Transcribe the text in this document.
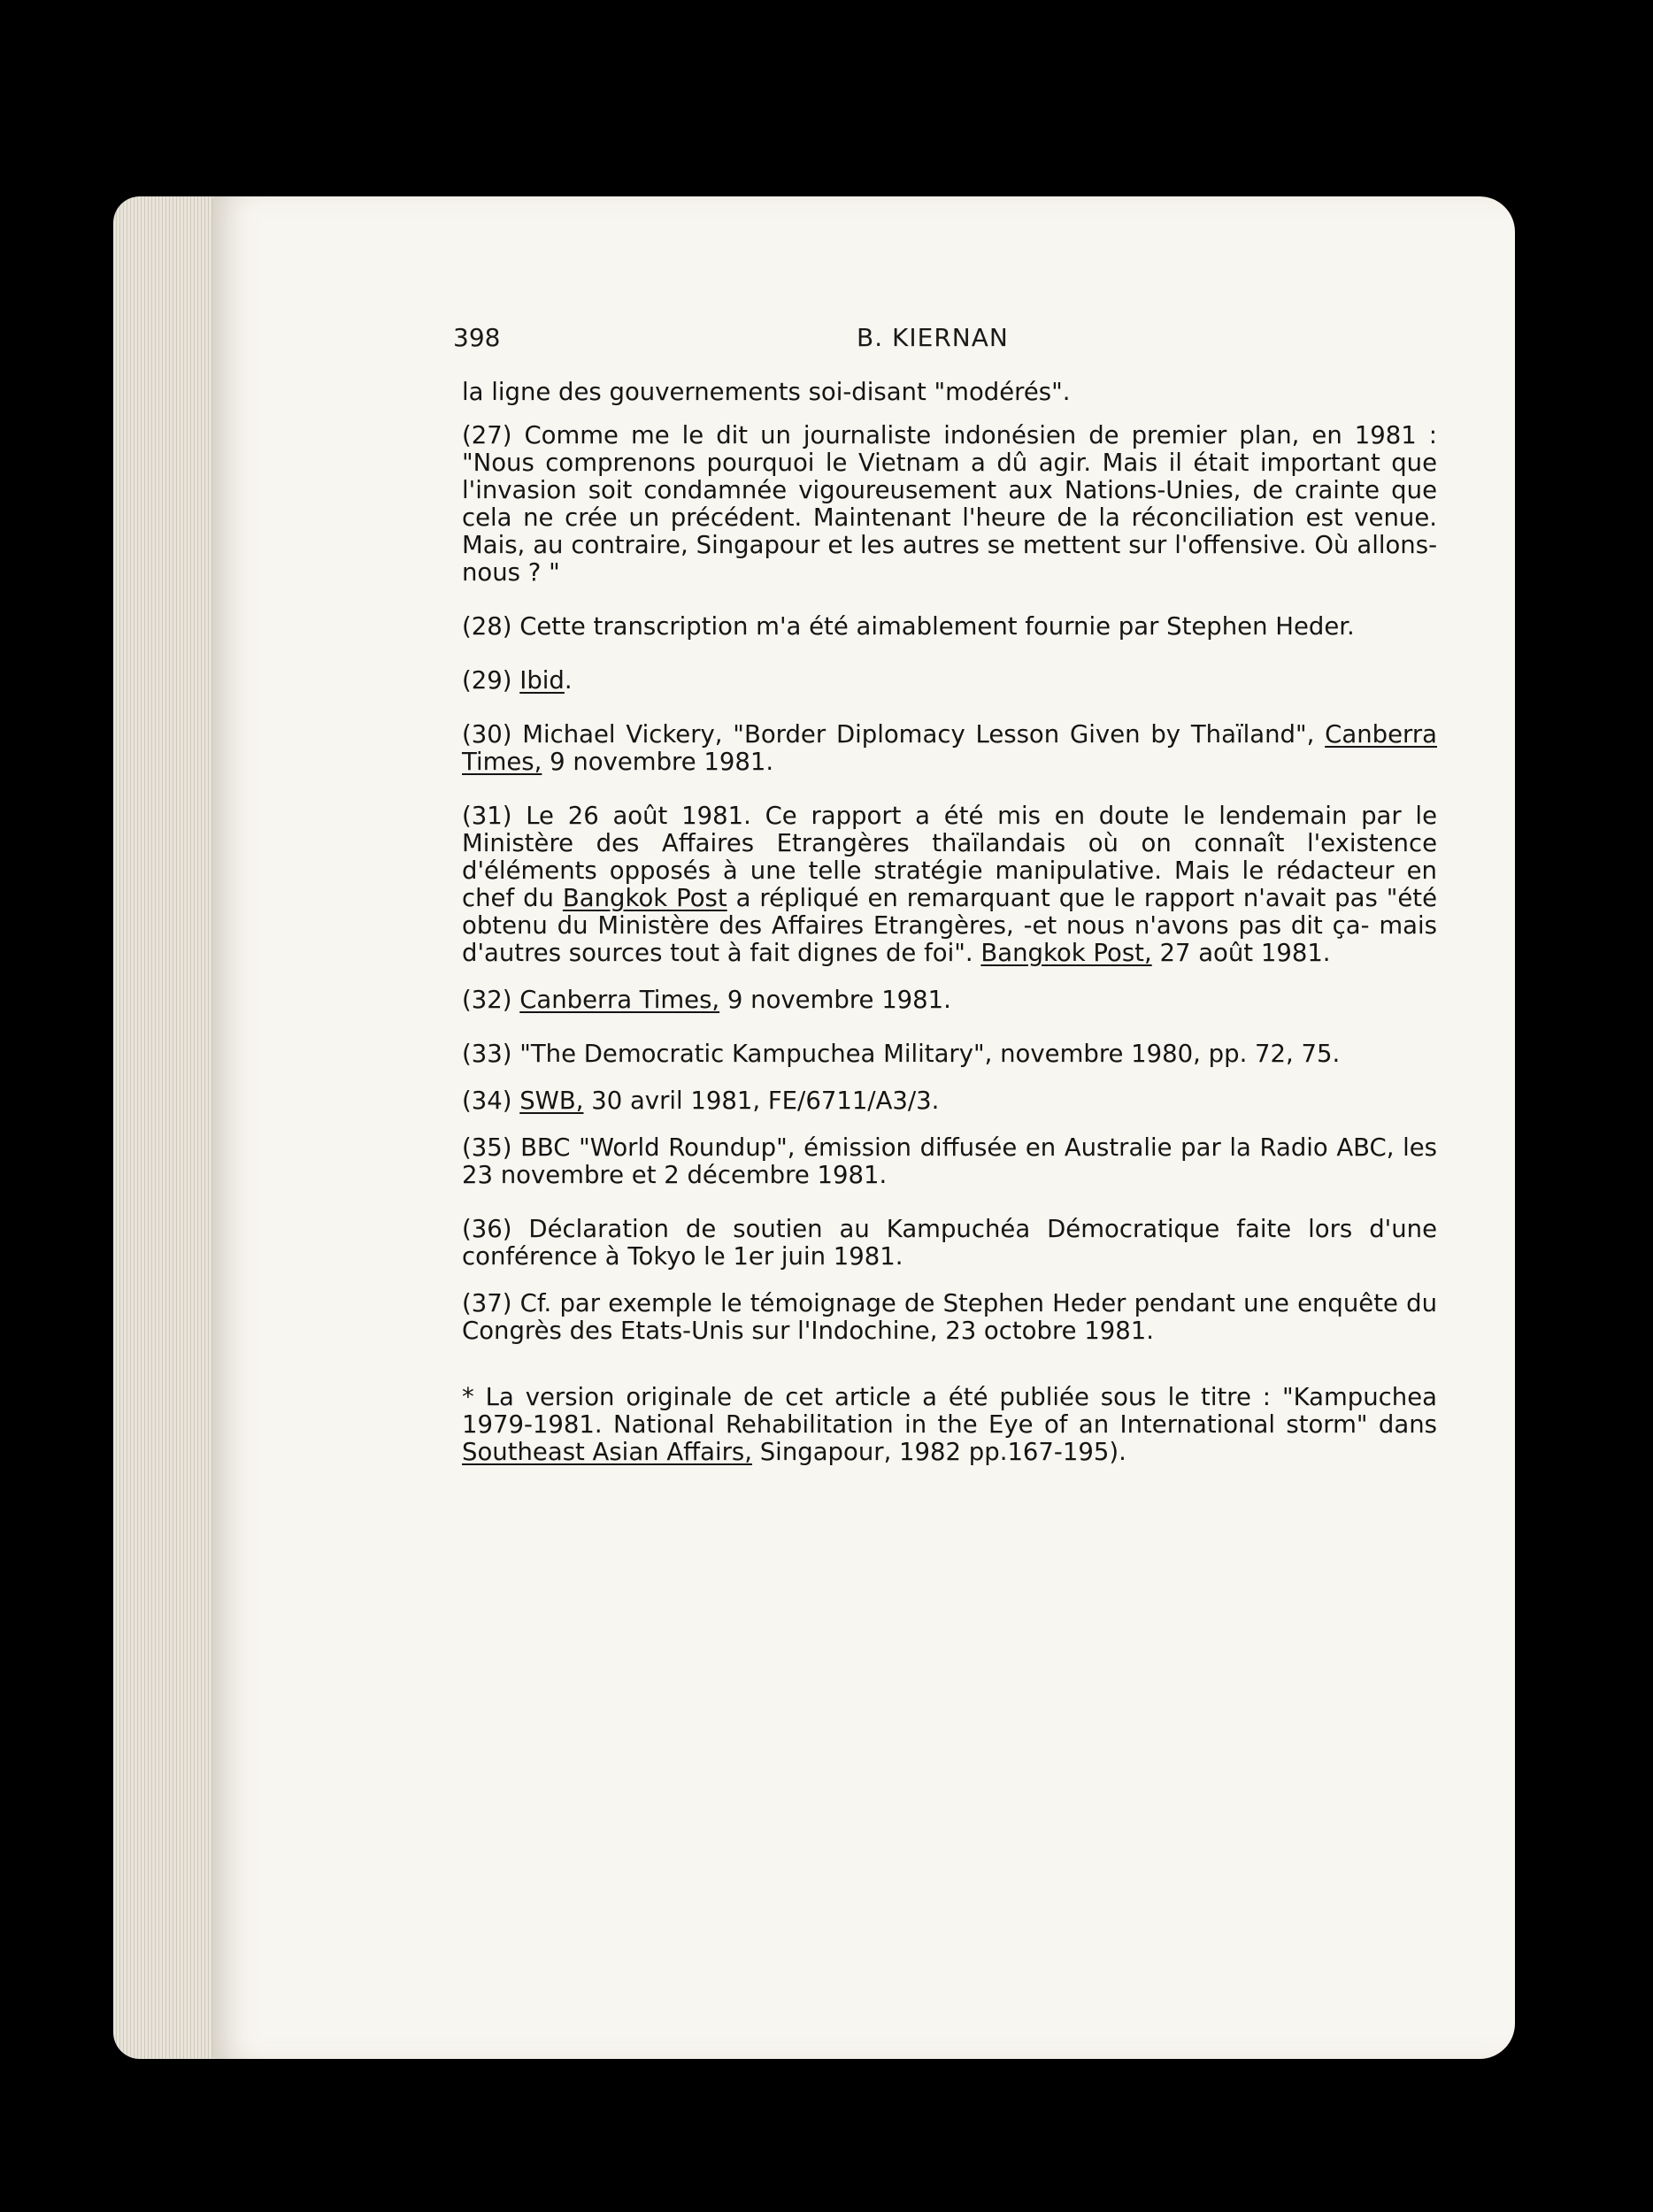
398	B. KIERNAN

la ligne des gouvernements soi-disant "modérés".

(27) Comme me le dit un journaliste indonésien de premier plan, en 1981 : "Nous comprenons pourquoi le Vietnam a dû agir. Mais il était important que l'invasion soit condamnée vigoureusement aux Nations-Unies, de crainte que cela ne crée un précédent. Maintenant l'heure de la réconciliation est venue. Mais, au contraire, Singapour et les autres se mettent sur l'offensive. Où allons-nous ? "

(28) Cette transcription m'a été aimablement fournie par Stephen Heder.

(29) Ibid.

(30) Michael Vickery, "Border Diplomacy Lesson Given by Thaïland", Canberra Times, 9 novembre 1981.

(31) Le 26 août 1981. Ce rapport a été mis en doute le lendemain par le Ministère des Affaires Etrangères thaïlandais où on connaît l'existence d'éléments opposés à une telle stratégie manipulative. Mais le rédacteur en chef du Bangkok Post a répliqué en remarquant que le rapport n'avait pas "été obtenu du Ministère des Affaires Etrangères, -et nous n'avons pas dit ça- mais d'autres sources tout à fait dignes de foi". Bangkok Post, 27 août 1981.

(32) Canberra Times, 9 novembre 1981.

(33) "The Democratic Kampuchea Military", novembre 1980, pp. 72, 75.

(34) SWB, 30 avril 1981, FE/6711/A3/3.

(35) BBC "World Roundup", émission diffusée en Australie par la Radio ABC, les 23 novembre et 2 décembre 1981.

(36) Déclaration de soutien au Kampuchéa Démocratique faite lors d'une conférence à Tokyo le 1er juin 1981.

(37) Cf. par exemple le témoignage de Stephen Heder pendant une enquête du Congrès des Etats-Unis sur l'Indochine, 23 octobre 1981.

* La version originale de cet article a été publiée sous le titre : "Kampuchea 1979-1981. National Rehabilitation in the Eye of an International storm" dans Southeast Asian Affairs, Singapour, 1982 pp.167-195).
